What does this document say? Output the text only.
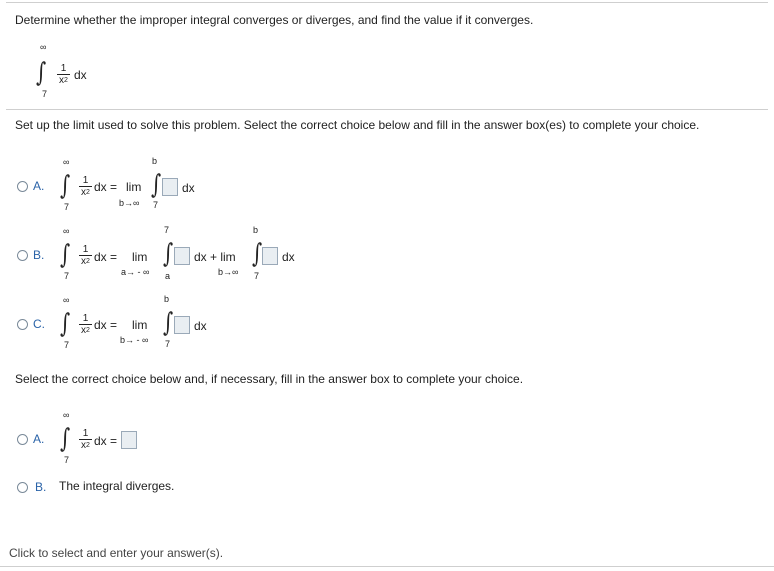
Determine whether the improper integral converges or diverges, and find the value if it converges.
∞
∫
7
1
$x^2$ dx
Set up the limit used to solve this problem. Select the correct choice below and fill in the answer box(es) to complete your choice.
A.
∞
∫
7
1
$x^2$ dx = lim
b→∞
b
∫
7
dx
B.
∞
∫
7
1
$x^2$ dx = lim
a→ - ∞
7
∫
a
dx + lim
b→∞
b
∫
7
dx
C.
∞
∫
7
1
$x^2$ dx = lim
b→ - ∞
b
∫
7
dx
Select the correct choice below and, if necessary, fill in the answer box to complete your choice.
A.
∞
∫
7
1
$x^2$ dx =
B. The integral diverges.
Click to select and enter your answer(s).
